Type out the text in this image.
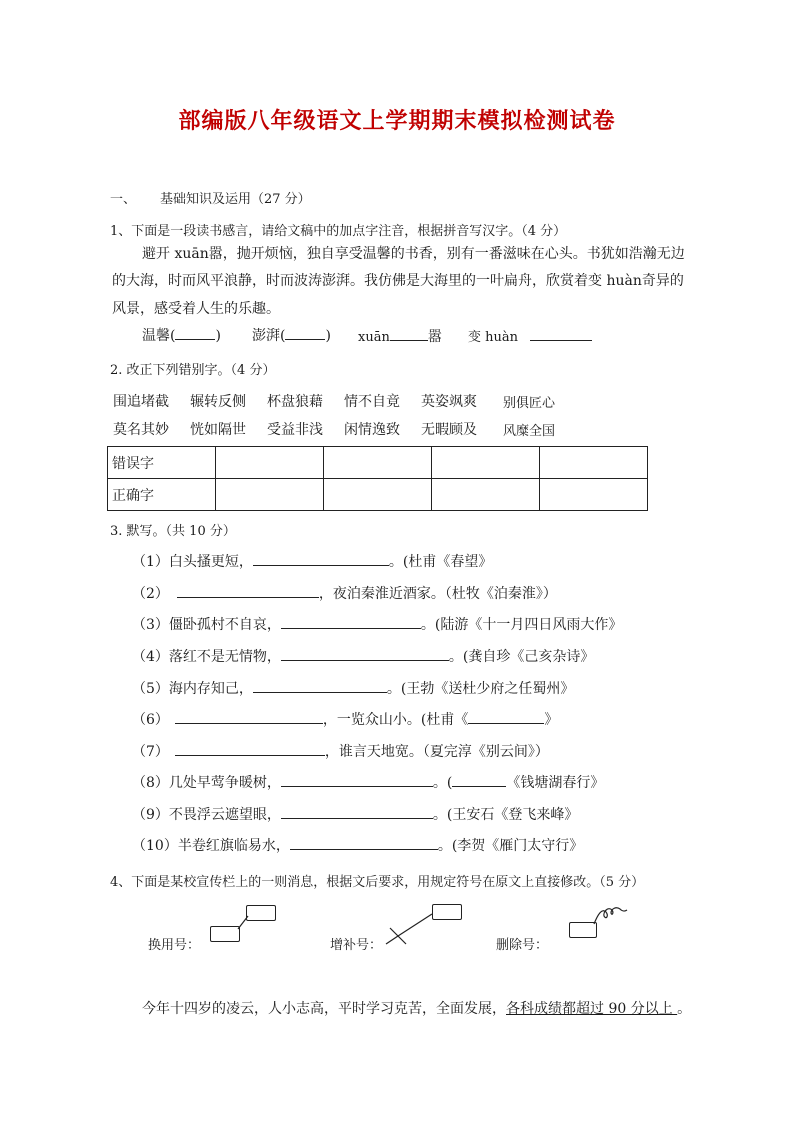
部编版八年级语文上学期期末模拟检测试卷
一、 基础知识及运用（27 分）
1、下面是一段读书感言，请给文稿中的加点字注音，根据拼音写汉字。（4 分）
避开 xuān嚣，抛开烦恼，独自享受温馨的书香，别有一番滋味在心头。书犹如浩瀚无边
的大海，时而风平浪静，时而波涛澎湃。我仿佛是大海里的一叶扁舟，欣赏着变 huàn奇异的
风景，感受着人生的乐趣。
温馨(	) 澎湃(	) xuān	嚣 变 huàn
2. 改正下列错别字。（4 分）
围追堵截 辗转反侧 杯盘狼藉 情不自竟 英姿飒爽 别俱匠心
莫名其妙 恍如隔世 受益非浅 闲情逸致 无暇顾及 风糜全国
错误字				
正确字				
3. 默写。（共 10 分）
（1）白头搔更短，	。(杜甫《春望》
（2）	，夜泊秦淮近酒家。（杜牧《泊秦淮》）
（3）僵卧孤村不自哀，	。(陆游《十一月四日风雨大作》
（4）落红不是无情物，	。(龚自珍《己亥杂诗》
（5）海内存知己，	。(王勃《送杜少府之任蜀州》
（6）	，一览众山小。(杜甫《	》
（7）	，谁言天地宽。（夏完淳《别云间》）
（8）几处早莺争暖树，	。(	《钱塘湖春行》
（9）不畏浮云遮望眼，	。(王安石《登飞来峰》
（10）半卷红旗临易水，	。(李贺《雁门太守行》
4、下面是某校宣传栏上的一则消息，根据文后要求，用规定符号在原文上直接修改。（5 分）
换用号：	增补号：	删除号：
今年十四岁的凌云，人小志高，平时学习克苦，全面发展，各科成绩都超过 90 分以上 。
